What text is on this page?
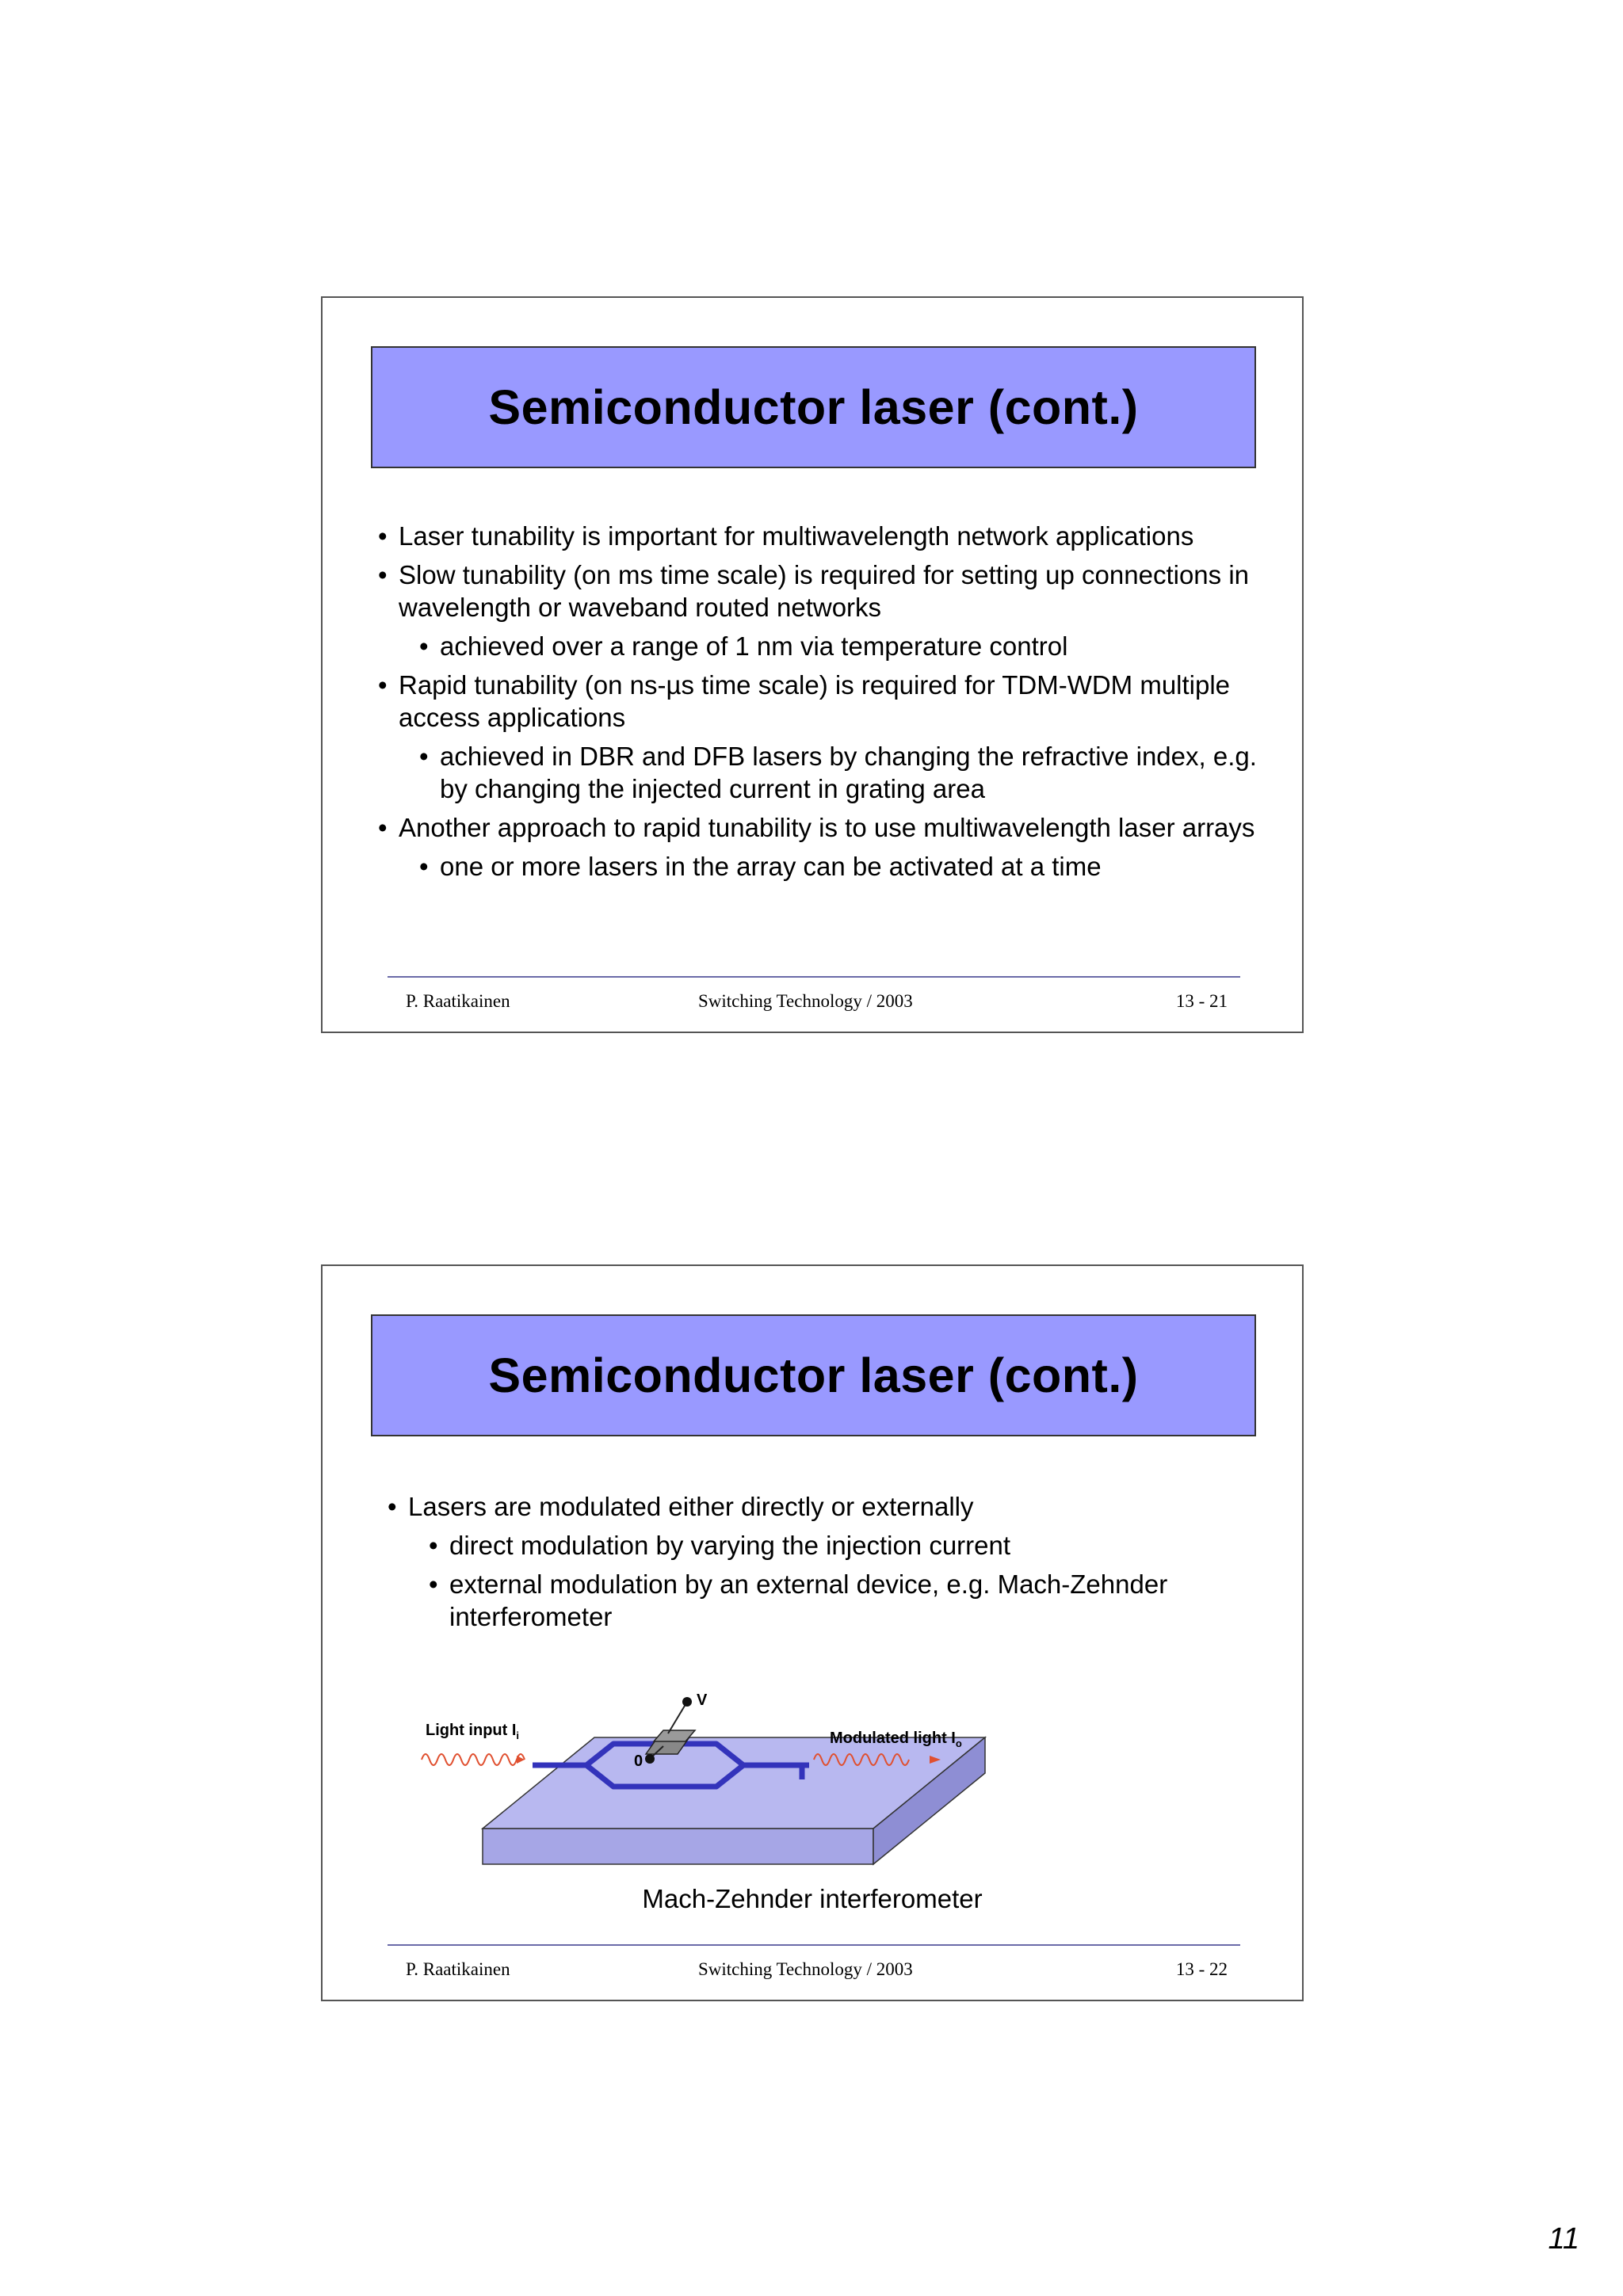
Semiconductor laser (cont.)
• Laser tunability is important for multiwavelength network applications
• Slow tunability (on ms time scale) is required for setting up connections in wavelength or waveband routed networks
• achieved over a range of 1 nm via temperature control
• Rapid tunability (on ns-µs time scale) is required for TDM-WDM multiple access applications
• achieved in DBR and DFB lasers by changing the refractive index, e.g. by changing the injected current in grating area
• Another approach to rapid tunability is to use multiwavelength laser arrays
• one or more lasers in the array can be activated at a time
P. Raatikainen	Switching Technology / 2003	13 - 21
Semiconductor laser (cont.)
• Lasers are modulated either directly or externally
• direct modulation by varying the injection current
• external modulation by an external device, e.g. Mach-Zehnder interferometer
Light input $I_i$	Modulated light $I_o$
V
0
Mach-Zehnder interferometer
P. Raatikainen	Switching Technology / 2003	13 - 22
11
